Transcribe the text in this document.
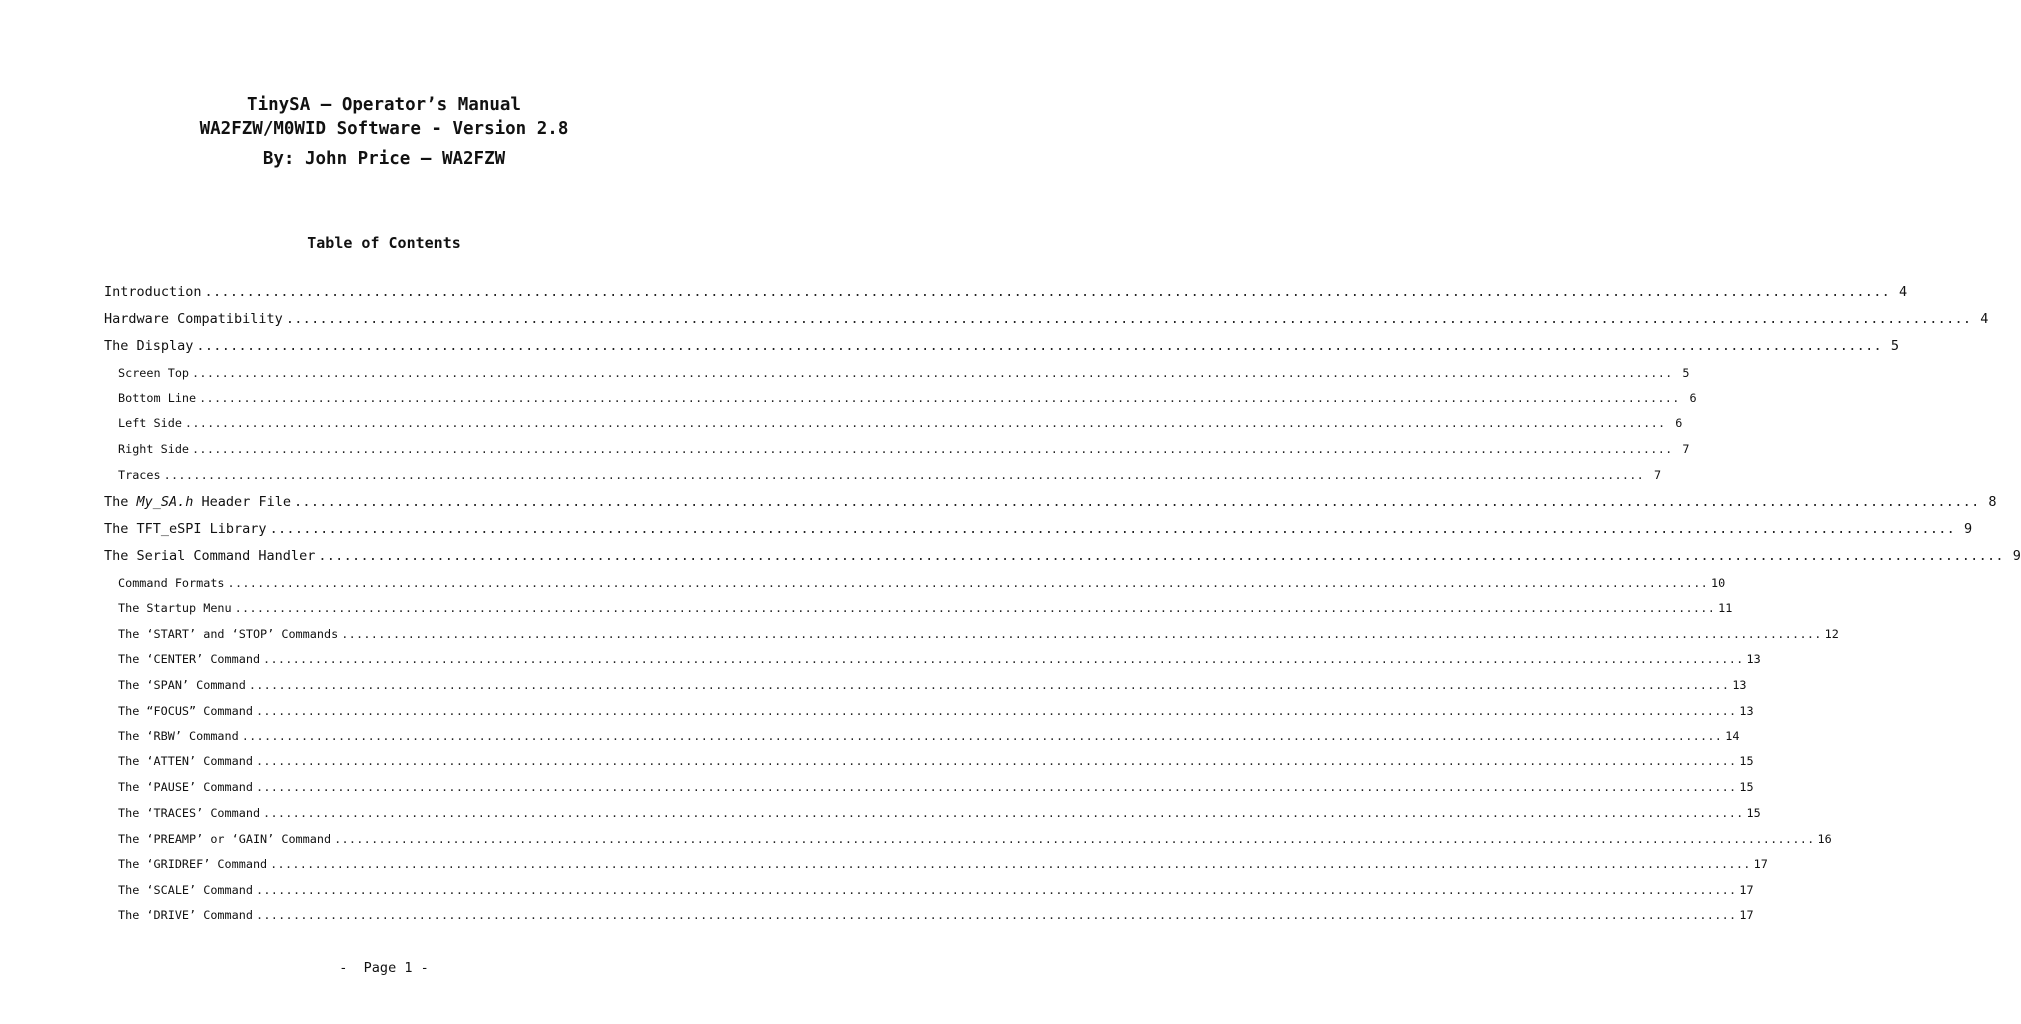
TinySA – Operator’s Manual
WA2FZW/M0WID Software - Version 2.8
By: John Price – WA2FZW
Table of Contents
Introduction ........................................................................................................................................................................................................ 4
Hardware Compatibility ........................................................................................................................................................................................................ 4
The Display ........................................................................................................................................................................................................ 5
Screen Top ........................................................................................................................................................................................................ 5
Bottom Line ........................................................................................................................................................................................................ 6
Left Side ........................................................................................................................................................................................................ 6
Right Side ........................................................................................................................................................................................................ 7
Traces ........................................................................................................................................................................................................ 7
The My_SA.h Header File ........................................................................................................................................................................................................ 8
The TFT_eSPI Library ........................................................................................................................................................................................................ 9
The Serial Command Handler ........................................................................................................................................................................................................ 9
Command Formats ........................................................................................................................................................................................................ 10
The Startup Menu ........................................................................................................................................................................................................ 11
The ‘START’ and ‘STOP’ Commands ........................................................................................................................................................................................................ 12
The ‘CENTER’ Command ........................................................................................................................................................................................................ 13
The ‘SPAN’ Command ........................................................................................................................................................................................................ 13
The “FOCUS” Command ........................................................................................................................................................................................................ 13
The ‘RBW’ Command ........................................................................................................................................................................................................ 14
The ‘ATTEN’ Command ........................................................................................................................................................................................................ 15
The ‘PAUSE’ Command ........................................................................................................................................................................................................ 15
The ‘TRACES’ Command ........................................................................................................................................................................................................ 15
The ‘PREAMP’ or ‘GAIN’ Command ........................................................................................................................................................................................................ 16
The ‘GRIDREF’ Command ........................................................................................................................................................................................................ 17
The ‘SCALE’ Command ........................................................................................................................................................................................................ 17
The ‘DRIVE’ Command ........................................................................................................................................................................................................ 17
-  Page 1 -
